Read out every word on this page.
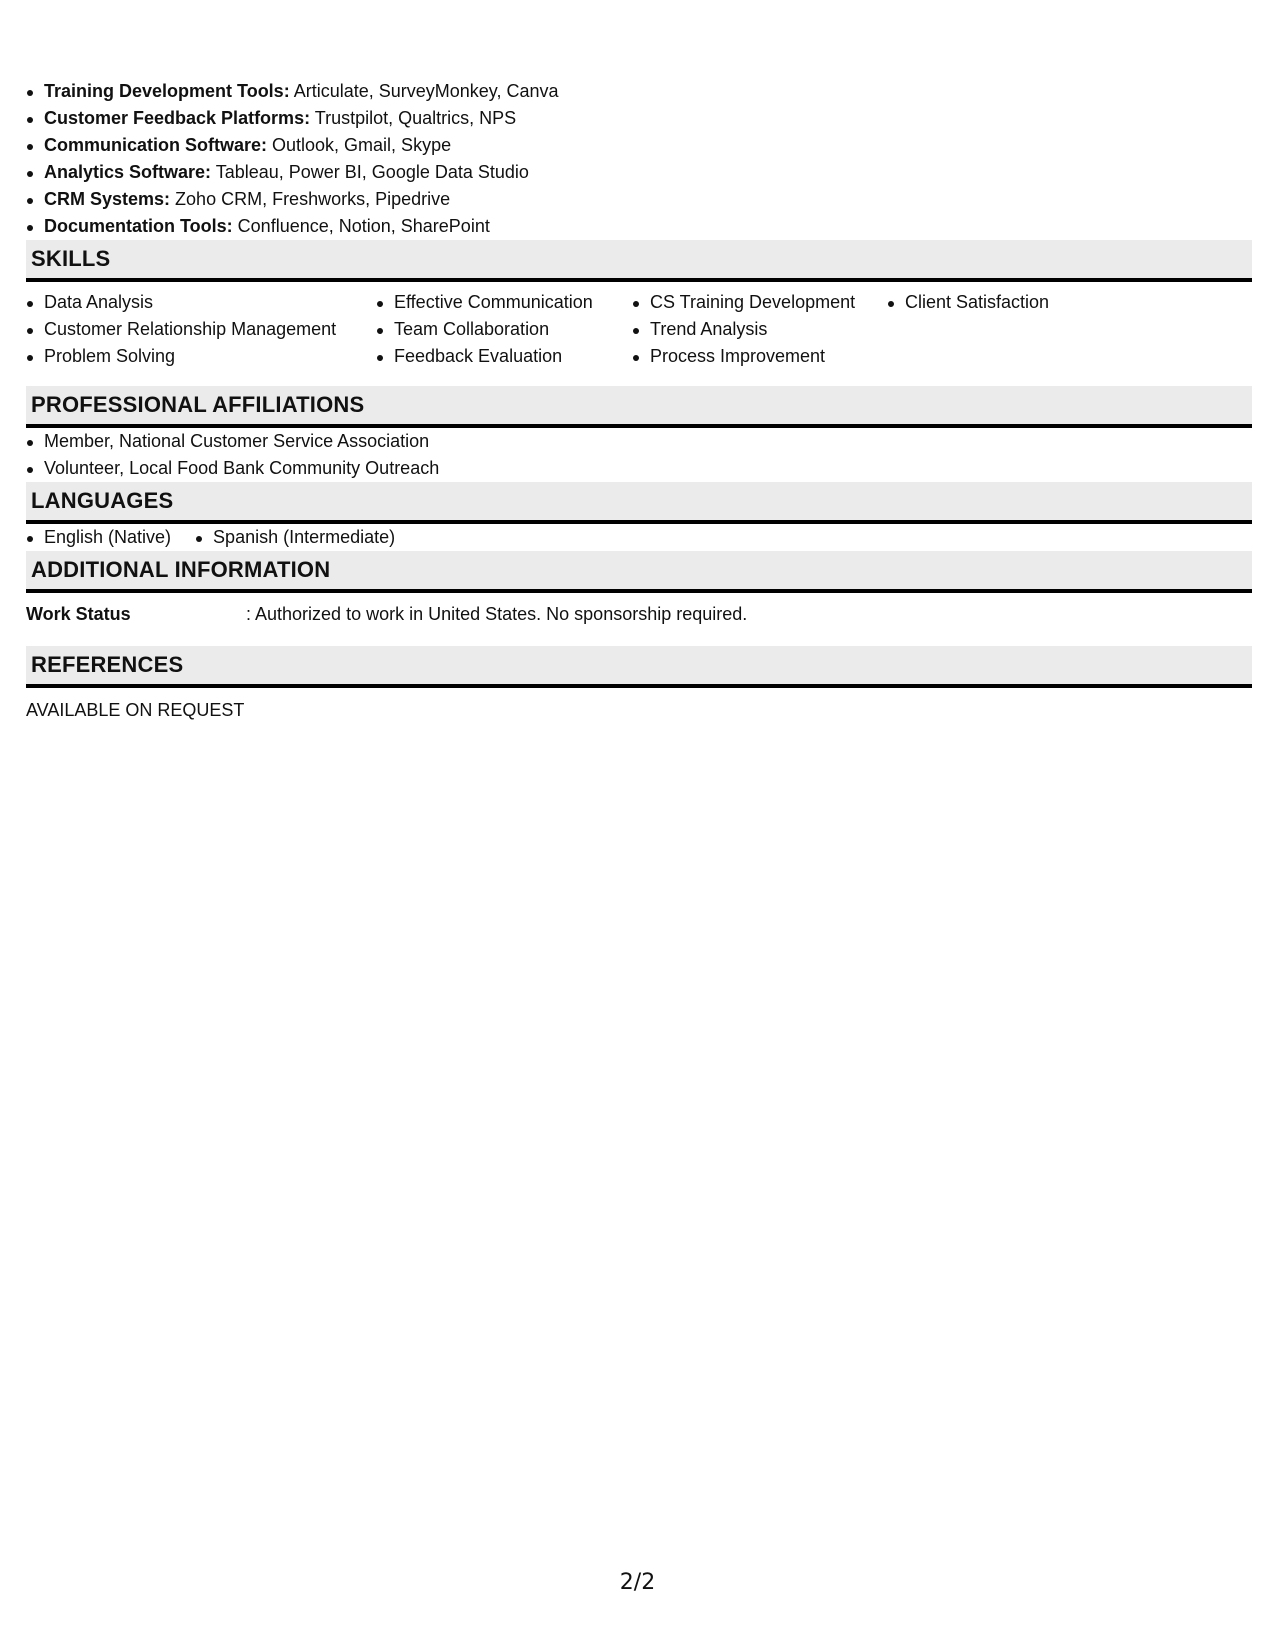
Training Development Tools: Articulate, SurveyMonkey, Canva
Customer Feedback Platforms: Trustpilot, Qualtrics, NPS
Communication Software: Outlook, Gmail, Skype
Analytics Software: Tableau, Power BI, Google Data Studio
CRM Systems: Zoho CRM, Freshworks, Pipedrive
Documentation Tools: Confluence, Notion, SharePoint
SKILLS
Data Analysis
Customer Relationship Management
Problem Solving
Effective Communication
Team Collaboration
Feedback Evaluation
CS Training Development
Trend Analysis
Process Improvement
Client Satisfaction
PROFESSIONAL AFFILIATIONS
Member, National Customer Service Association
Volunteer, Local Food Bank Community Outreach
LANGUAGES
English (Native)	Spanish (Intermediate)
ADDITIONAL INFORMATION
Work Status	: Authorized to work in United States. No sponsorship required.
REFERENCES
AVAILABLE ON REQUEST
2/2
